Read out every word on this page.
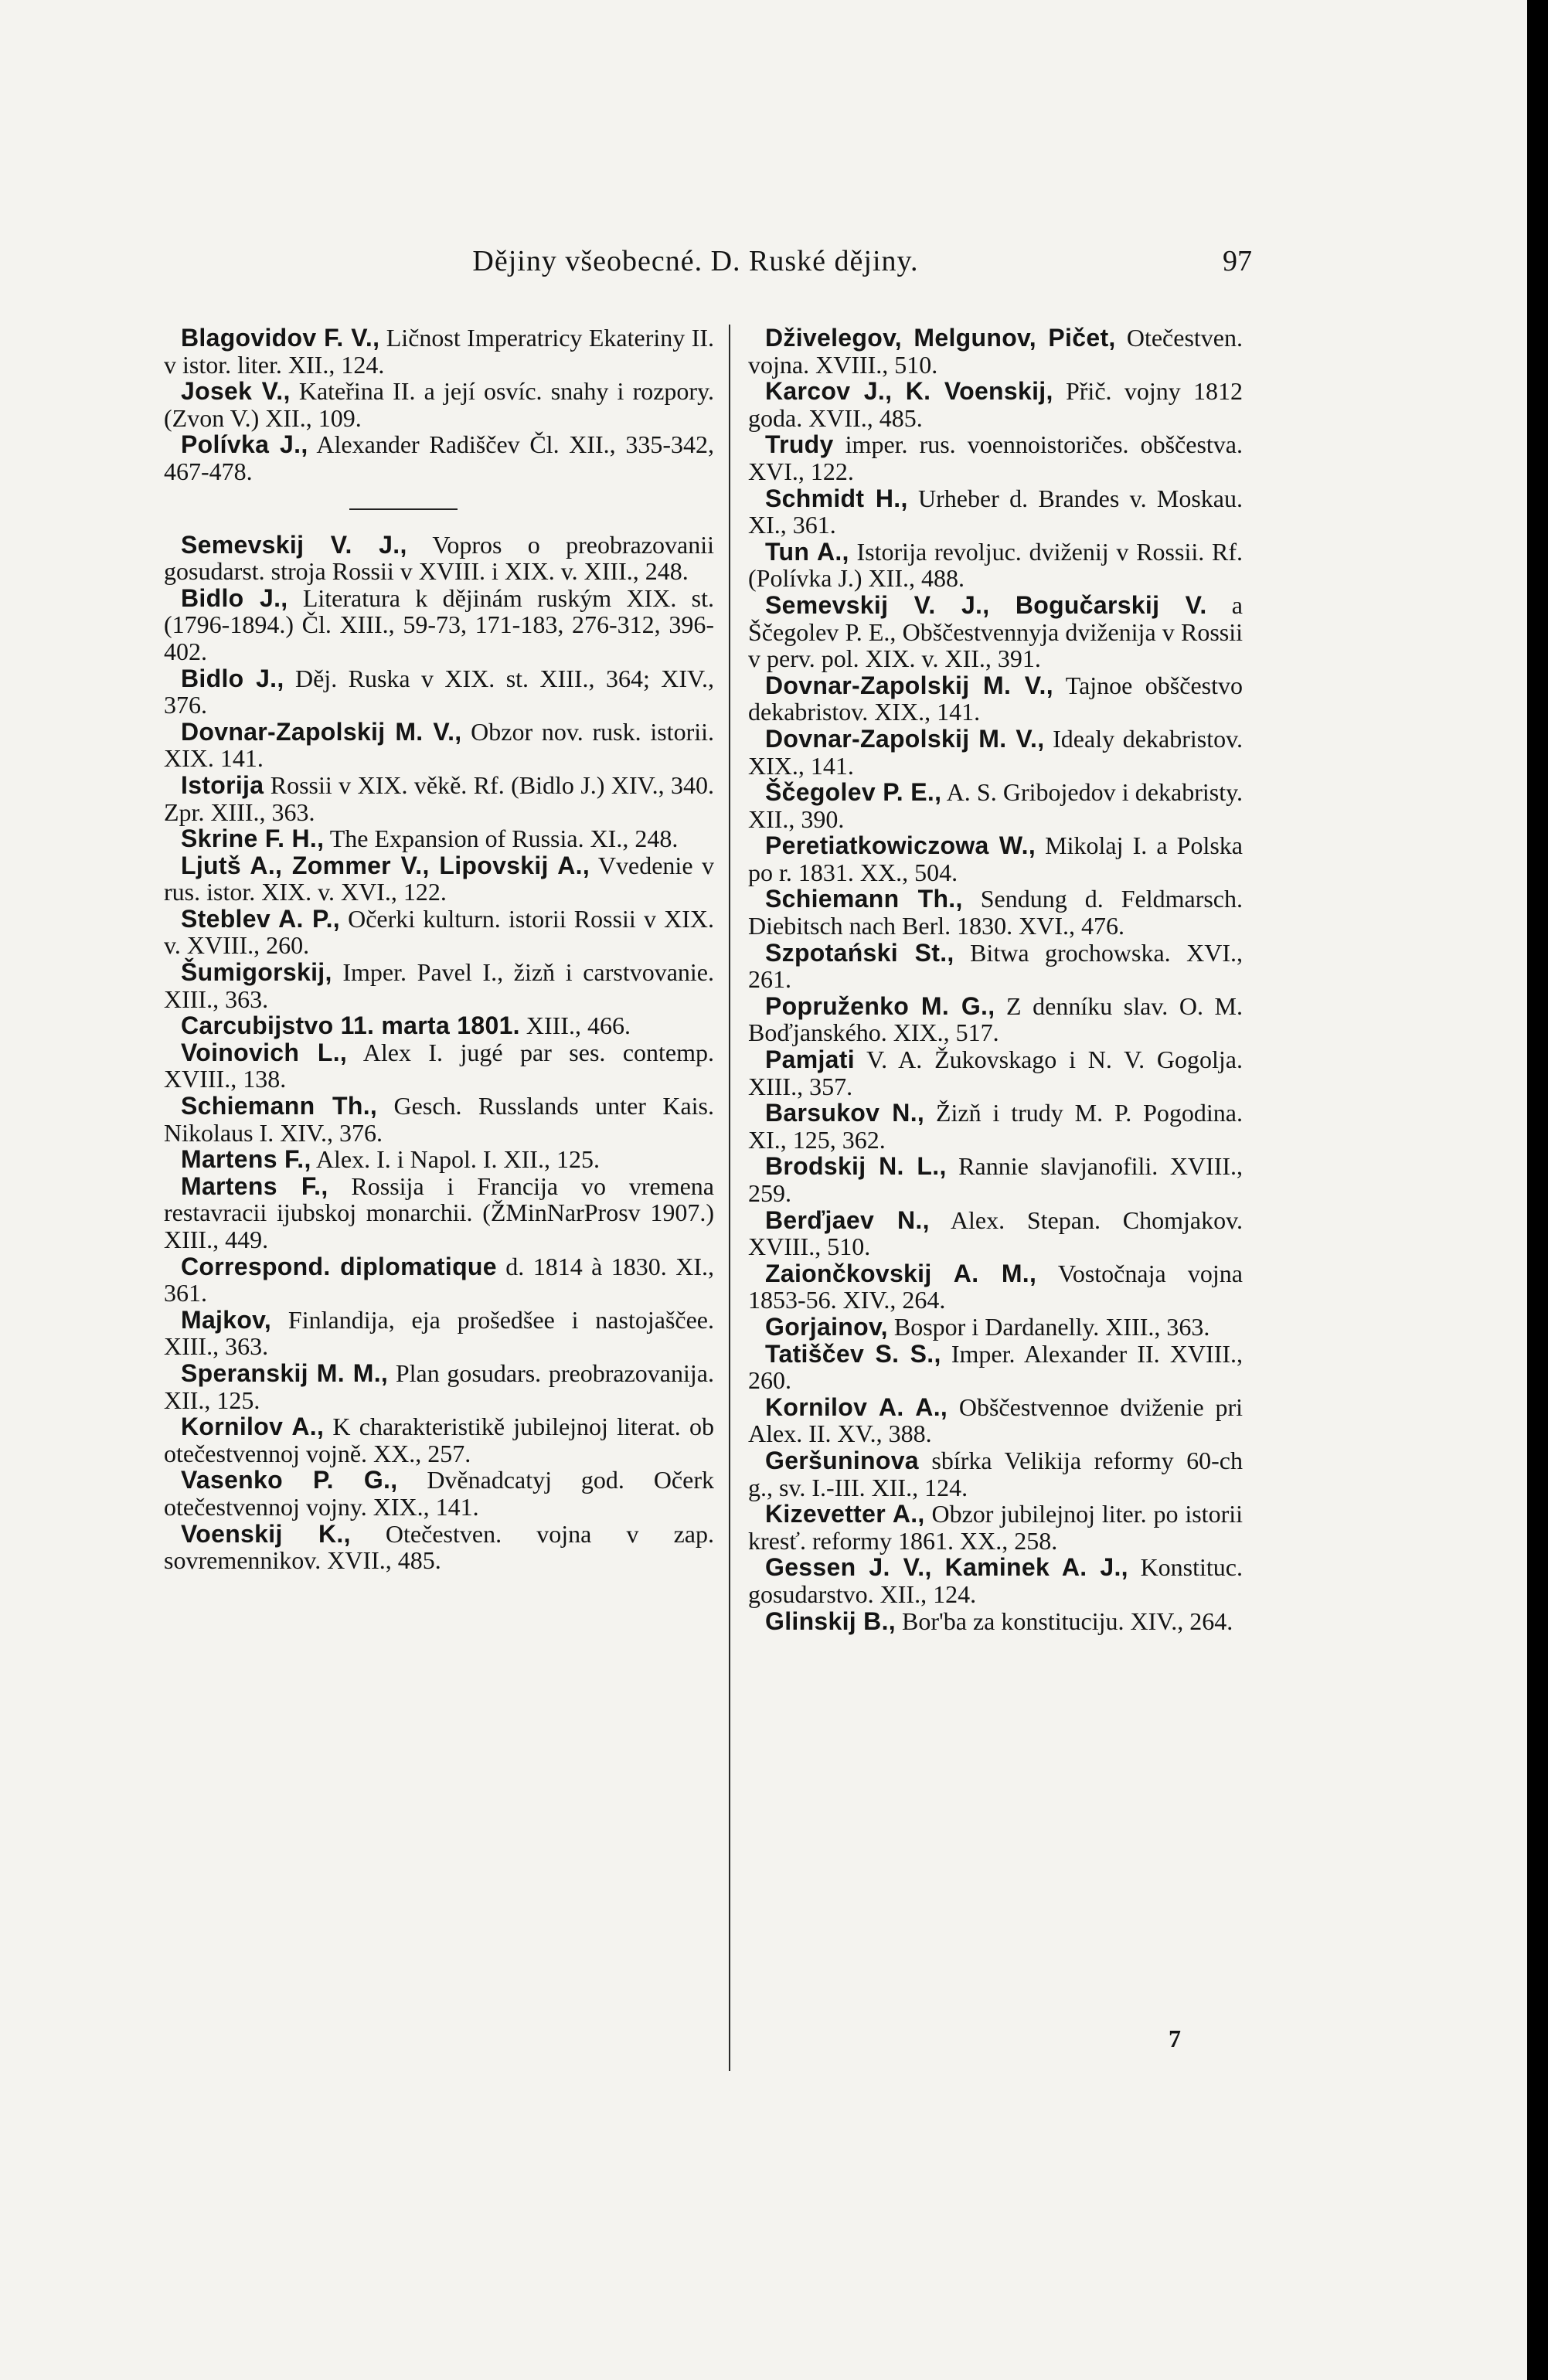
Dějiny všeobecné. D. Ruské dějiny.	97

Blagovidov F. V., Ličnost Imperatricy Ekateriny II. v istor. liter. XII., 124.

Josek V., Kateřina II. a její osvíc. snahy i rozpory. (Zvon V.) XII., 109.

Polívka J., Alexander Radiščev Čl. XII., 335-342, 467-478.

Semevskij V. J., Vopros o preobrazovanii gosudarst. stroja Rossii v XVIII. i XIX. v. XIII., 248.

Bidlo J., Literatura k dějinám ruským XIX. st. (1796-1894.) Čl. XIII., 59-73, 171-183, 276-312, 396-402.

Bidlo J., Děj. Ruska v XIX. st. XIII., 364; XIV., 376.

Dovnar-Zapolskij M. V., Obzor nov. rusk. istorii. XIX. 141.

Istorija Rossii v XIX. věkě. Rf. (Bidlo J.) XIV., 340. Zpr. XIII., 363.

Skrine F. H., The Expansion of Russia. XI., 248.

Ljutš A., Zommer V., Lipovskij A., Vvedenie v rus. istor. XIX. v. XVI., 122.

Steblev A. P., Očerki kulturn. istorii Rossii v XIX. v. XVIII., 260.

Šumigorskij, Imper. Pavel I., žizň i carstvovanie. XIII., 363.

Carcubijstvo 11. marta 1801. XIII., 466.

Voinovich L., Alex I. jugé par ses. contemp. XVIII., 138.

Schiemann Th., Gesch. Russlands unter Kais. Nikolaus I. XIV., 376.

Martens F., Alex. I. i Napol. I. XII., 125.

Martens F., Rossija i Francija vo vremena restavracii ijubskoj monarchii. (ŽMinNarProsv 1907.) XIII., 449.

Correspond. diplomatique d. 1814 à 1830. XI., 361.

Majkov, Finlandija, eja prošedšee i nastojaščee. XIII., 363.

Speranskij M. M., Plan gosudars. preobrazovanija. XII., 125.

Kornilov A., K charakteristikě jubilejnoj literat. ob otečestvennoj vojně. XX., 257.

Vasenko P. G., Dvěnadcatyj god. Očerk otečestvennoj vojny. XIX., 141.

Voenskij K., Otečestven. vojna v zap. sovremennikov. XVII., 485.

Dživelegov, Melgunov, Pičet, Otečestven. vojna. XVIII., 510.

Karcov J., K. Voenskij, Přič. vojny 1812 goda. XVII., 485.

Trudy imper. rus. voennoistoričes. obščestva. XVI., 122.

Schmidt H., Urheber d. Brandes v. Moskau. XI., 361.

Tun A., Istorija revoljuc. dviženij v Rossii. Rf. (Polívka J.) XII., 488.

Semevskij V. J., Bogučarskij V. a Ščegolev P. E., Obščestvennyja dviženija v Rossii v perv. pol. XIX. v. XII., 391.

Dovnar-Zapolskij M. V., Tajnoe obščestvo dekabristov. XIX., 141.

Dovnar-Zapolskij M. V., Idealy dekabristov. XIX., 141.

Ščegolev P. E., A. S. Gribojedov i dekabristy. XII., 390.

Peretiatkowiczowa W., Mikolaj I. a Polska po r. 1831. XX., 504.

Schiemann Th., Sendung d. Feldmarsch. Diebitsch nach Berl. 1830. XVI., 476.

Szpotański St., Bitwa grochowska. XVI., 261.

Popruženko M. G., Z denníku slav. O. M. Boďjanského. XIX., 517.

Pamjati V. A. Žukovskago i N. V. Gogolja. XIII., 357.

Barsukov N., Žizň i trudy M. P. Pogodina. XI., 125, 362.

Brodskij N. L., Rannie slavjanofili. XVIII., 259.

Berďjaev N., Alex. Stepan. Chomjakov. XVIII., 510.

Zaiončkovskij A. M., Vostočnaja vojna 1853-56. XIV., 264.

Gorjainov, Bospor i Dardanelly. XIII., 363.

Tatiščev S. S., Imper. Alexander II. XVIII., 260.

Kornilov A. A., Obščestvennoe dviženie pri Alex. II. XV., 388.

Geršuninova sbírka Velikija reformy 60-ch g., sv. I.-III. XII., 124.

Kizevetter A., Obzor jubilejnoj liter. po istorii kresť. reformy 1861. XX., 258.

Gessen J. V., Kaminek A. J., Konstituc. gosudarstvo. XII., 124.

Glinskij B., Bor'ba za konstituciju. XIV., 264.

7
